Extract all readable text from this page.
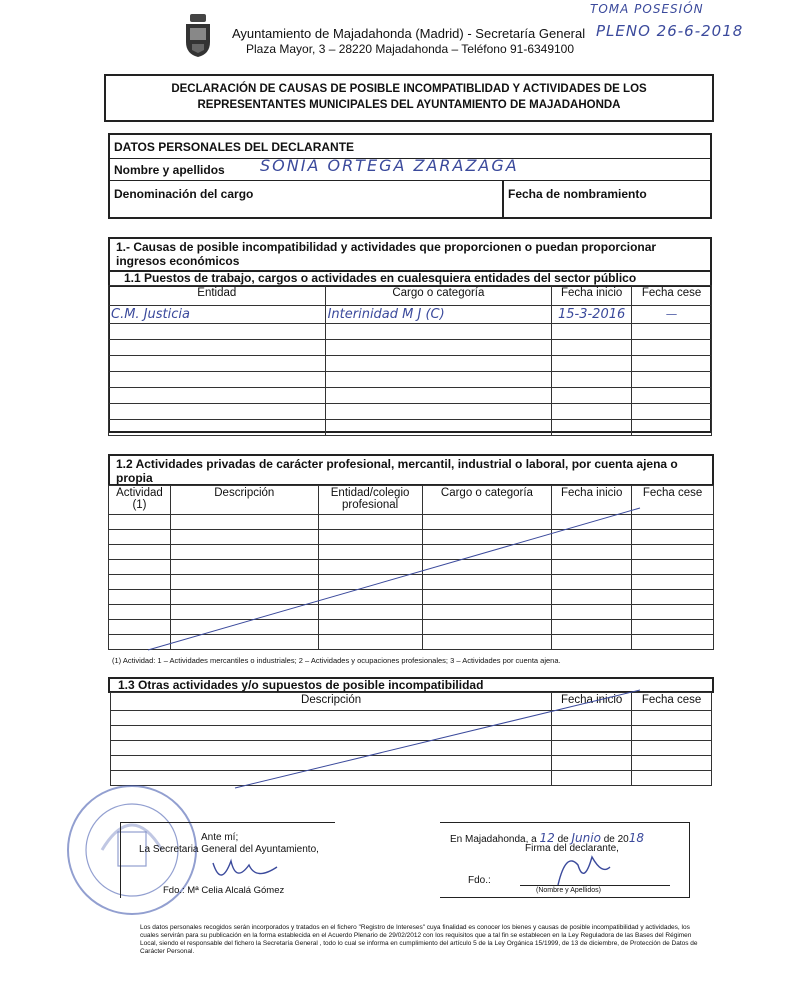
Ayuntamiento de Majadahonda (Madrid) - Secretaría General
Plaza Mayor, 3 – 28220 Majadahonda – Teléfono 91-6349100
TOMA POSESIÓN
PLENO 26-6-2018
DECLARACIÓN DE CAUSAS DE POSIBLE INCOMPATIBLIDAD Y ACTIVIDADES DE LOS
REPRESENTANTES MUNICIPALES DEL AYUNTAMIENTO DE MAJADAHONDA
DATOS PERSONALES DEL DECLARANTE
Nombre y apellidos SONIA ORTEGA ZARAZAGA
Denominación del cargo	Fecha de nombramiento
1.- Causas de posible incompatibilidad y actividades que proporcionen o puedan proporcionar ingresos económicos
1.1 Puestos de trabajo, cargos o actividades en cualesquiera entidades del sector público
Entidad	Cargo o categoría	Fecha inicio	Fecha cese
C.M. Justicia	Interinidad M J (C)	15-3-2016	—

1.2 Actividades privadas de carácter profesional, mercantil, industrial o laboral, por cuenta ajena o propia
Actividad (1)	Descripción	Entidad/colegio profesional	Cargo o categoría	Fecha inicio	Fecha cese

(1) Actividad: 1 – Actividades mercantiles o industriales; 2 – Actividades y ocupaciones profesionales; 3 – Actividades por cuenta ajena.
1.3 Otras actividades y/o supuestos de posible incompatibilidad
Descripción	Fecha inicio	Fecha cese

Ante mí;
La Secretaria General del Ayuntamiento,
Fdo.: Mª Celia Alcalá Gómez
En Majadahonda, a 12 de Junio de 2018
Firma del declarante,
Fdo.:
(Nombre y Apellidos)
Los datos personales recogidos serán incorporados y tratados en el fichero "Registro de Intereses" cuya finalidad es conocer los bienes y causas de posible incompatibilidad y actividades, los cuales servirán para su publicación en la forma establecida en el Acuerdo Plenario de 29/02/2012 con los requisitos que a tal fin se establecen en la Ley Reguladora de las Bases del Régimen Local, siendo el responsable del fichero la Secretaría General , todo lo cual se informa en cumplimiento del artículo 5 de la Ley Orgánica 15/1999, de 13 de diciembre, de Protección de Datos de Carácter Personal.
